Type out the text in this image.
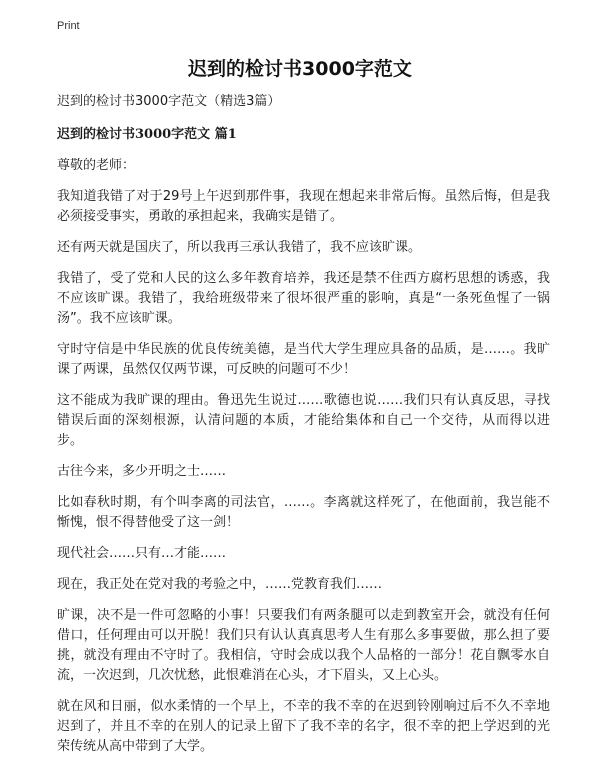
Print
迟到的检讨书3000字范文

迟到的检讨书3000字范文（精选3篇）

迟到的检讨书3000字范文 篇1

尊敬的老师：

我知道我错了对于29号上午迟到那件事，我现在想起来非常后悔。虽然后悔，但是我必须接受事实，勇敢的承担起来，我确实是错了。

还有两天就是国庆了，所以我再三承认我错了，我不应该旷课。

我错了，受了党和人民的这么多年教育培养，我还是禁不住西方腐朽思想的诱惑，我不应该旷课。我错了，我给班级带来了很坏很严重的影响，真是“一条死鱼惺了一锅汤”。我不应该旷课。

守时守信是中华民族的优良传统美德，是当代大学生理应具备的品质，是……。我旷课了两课，虽然仅仅两节课，可反映的问题可不少！

这不能成为我旷课的理由。鲁迅先生说过……歌德也说……我们只有认真反思，寻找错误后面的深刻根源，认清问题的本质，才能给集体和自己一个交待，从而得以进步。

古往今来，多少开明之士……

比如春秋时期，有个叫李离的司法官，……。李离就这样死了，在他面前，我岂能不惭愧，恨不得替他受了这一剑！

现代社会……只有…才能……

现在，我正处在党对我的考验之中，……党教育我们……

旷课，决不是一件可忽略的小事！只要我们有两条腿可以走到教室开会，就没有任何借口，任何理由可以开脱！我们只有认认真真思考人生有那么多事要做，那么担了要挑，就没有理由不守时了。我相信，守时会成以我个人品格的一部分！花自飘零水自流，一次迟到，几次忧愁，此恨难消在心头，才下眉头，又上心头。

就在风和日丽，似水柔情的一个早上，不幸的我不幸的在迟到铃刚响过后不久不幸地迟到了，并且不幸的在别人的记录上留下了我不幸的名字，很不幸的把上学迟到的光荣传统从高中带到了大学。
